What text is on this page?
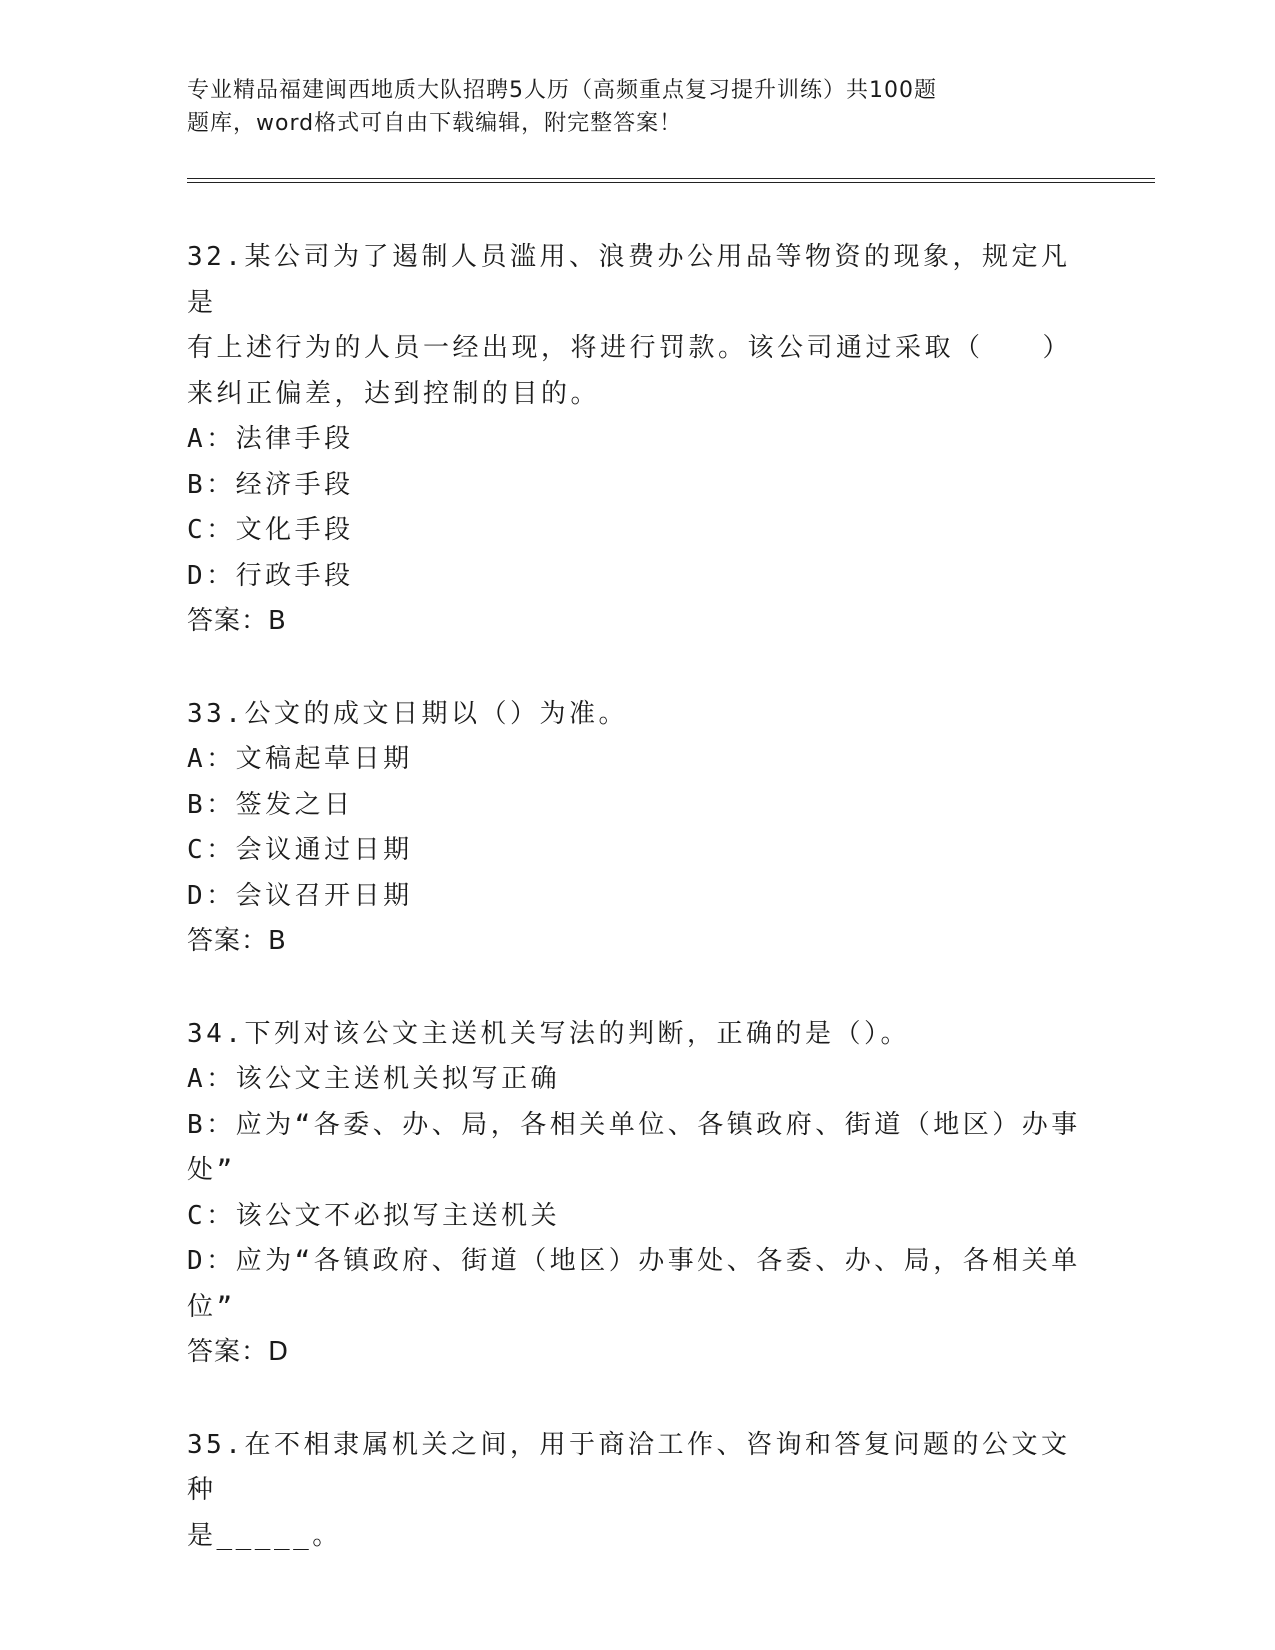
专业精品福建闽西地质大队招聘5人历（高频重点复习提升训练）共100题
题库，word格式可自由下载编辑，附完整答案！

32.某公司为了遏制人员滥用、浪费办公用品等物资的现象，规定凡是

有上述行为的人员一经出现，将进行罚款。该公司通过采取（　　）

来纠正偏差，达到控制的目的。

A：法律手段

B：经济手段

C：文化手段

D：行政手段

答案：B

33.公文的成文日期以（）为准。

A：文稿起草日期

B：签发之日

C：会议通过日期

D：会议召开日期

答案：B

34.下列对该公文主送机关写法的判断，正确的是（）。

A：该公文主送机关拟写正确

B：应为“各委、办、局，各相关单位、各镇政府、街道（地区）办事

处”

C：该公文不必拟写主送机关

D：应为“各镇政府、街道（地区）办事处、各委、办、局，各相关单

位”

答案：D

35.在不相隶属机关之间，用于商洽工作、咨询和答复问题的公文文种

是_____。
